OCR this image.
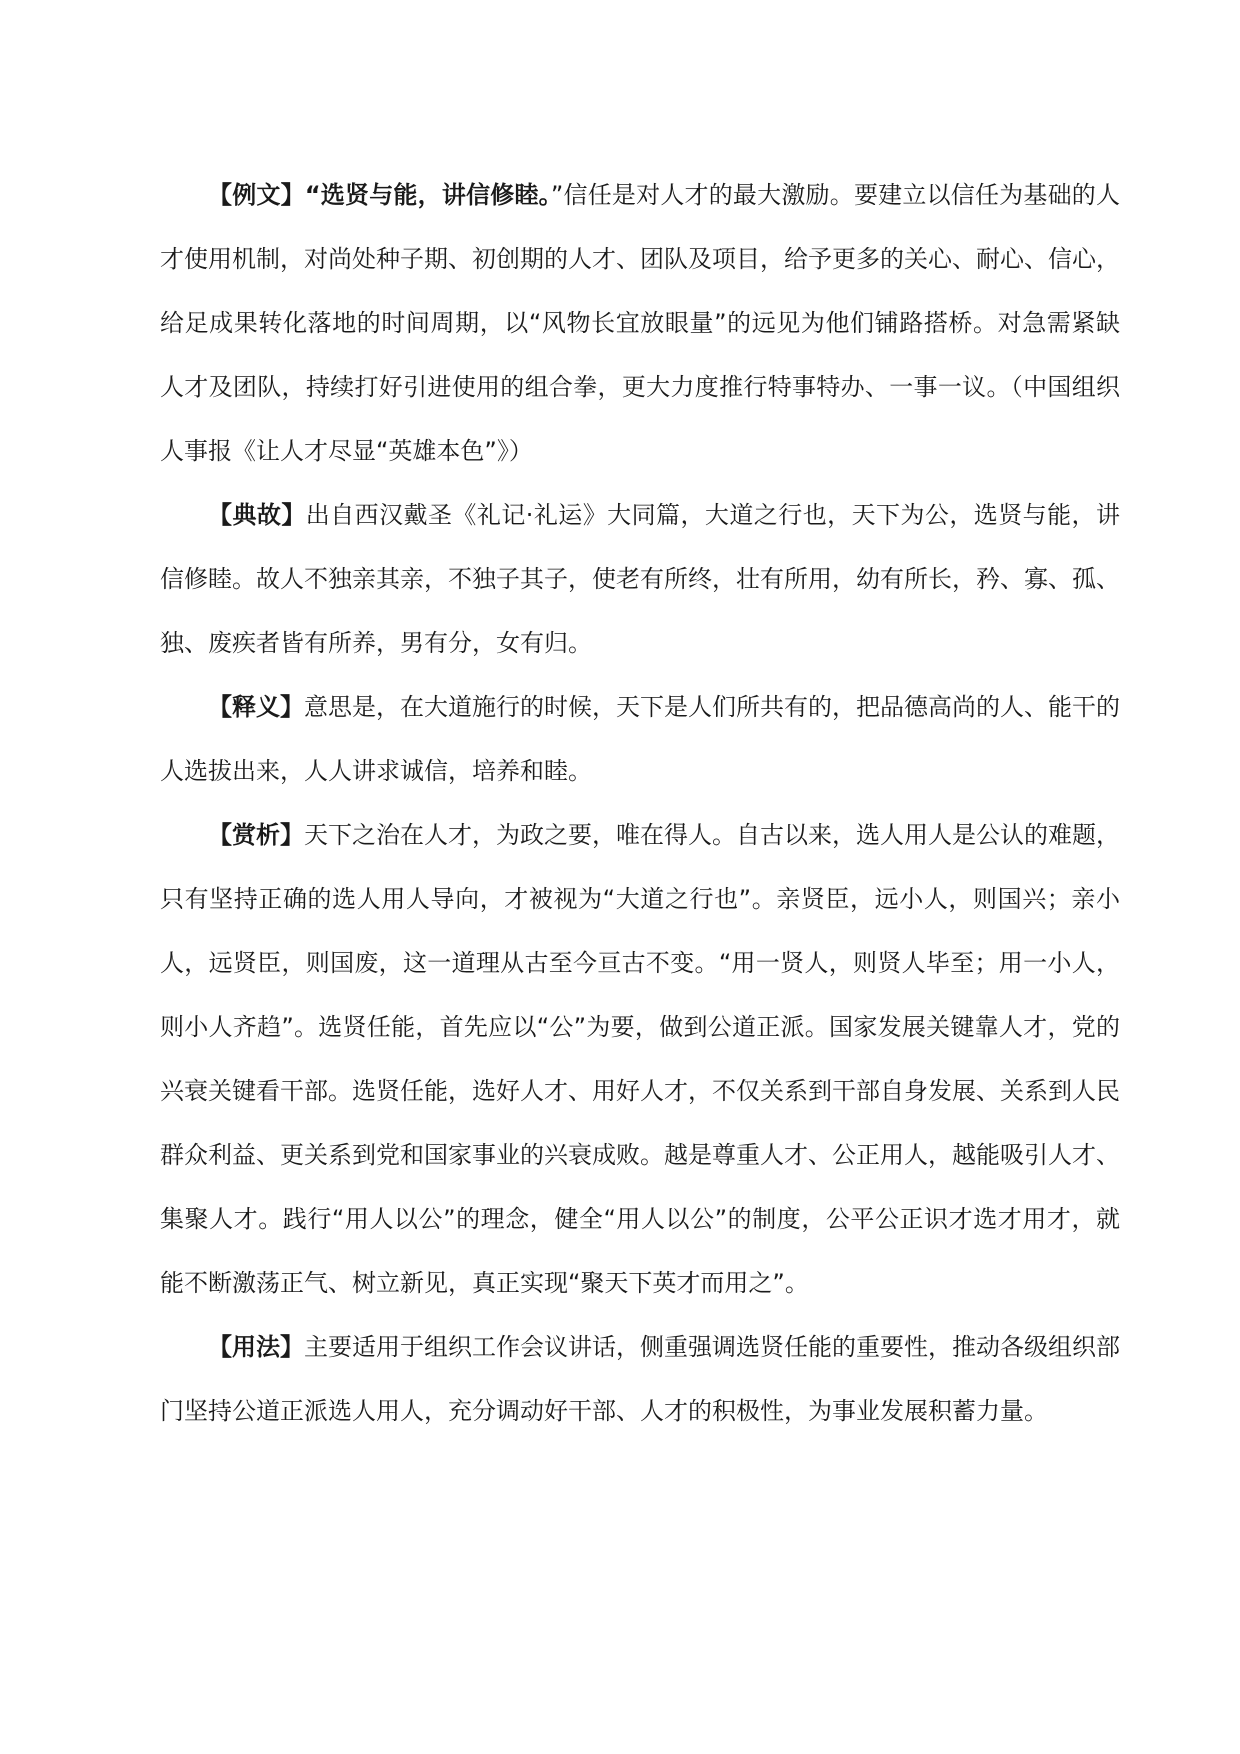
【例文】“选贤与能，讲信修睦。”信任是对人才的最大激励。要建立以信任为基础的人才使用机制，对尚处种子期、初创期的人才、团队及项目，给予更多的关心、耐心、信心，给足成果转化落地的时间周期，以“风物长宜放眼量”的远见为他们铺路搭桥。对急需紧缺人才及团队，持续打好引进使用的组合拳，更大力度推行特事特办、一事一议。（中国组织人事报《让人才尽显“英雄本色”》）

【典故】出自西汉戴圣《礼记·礼运》大同篇，大道之行也，天下为公，选贤与能，讲信修睦。故人不独亲其亲，不独子其子，使老有所终，壮有所用，幼有所长，矜、寡、孤、独、废疾者皆有所养，男有分，女有归。

【释义】意思是，在大道施行的时候，天下是人们所共有的，把品德高尚的人、能干的人选拔出来，人人讲求诚信，培养和睦。

【赏析】天下之治在人才，为政之要，唯在得人。自古以来，选人用人是公认的难题，只有坚持正确的选人用人导向，才被视为“大道之行也”。亲贤臣，远小人，则国兴；亲小人，远贤臣，则国废，这一道理从古至今亘古不变。“用一贤人，则贤人毕至；用一小人，则小人齐趋”。选贤任能，首先应以“公”为要，做到公道正派。国家发展关键靠人才，党的兴衰关键看干部。选贤任能，选好人才、用好人才，不仅关系到干部自身发展、关系到人民群众利益、更关系到党和国家事业的兴衰成败。越是尊重人才、公正用人，越能吸引人才、集聚人才。践行“用人以公”的理念，健全“用人以公”的制度，公平公正识才选才用才，就能不断激荡正气、树立新见，真正实现“聚天下英才而用之”。

【用法】主要适用于组织工作会议讲话，侧重强调选贤任能的重要性，推动各级组织部门坚持公道正派选人用人，充分调动好干部、人才的积极性，为事业发展积蓄力量。
